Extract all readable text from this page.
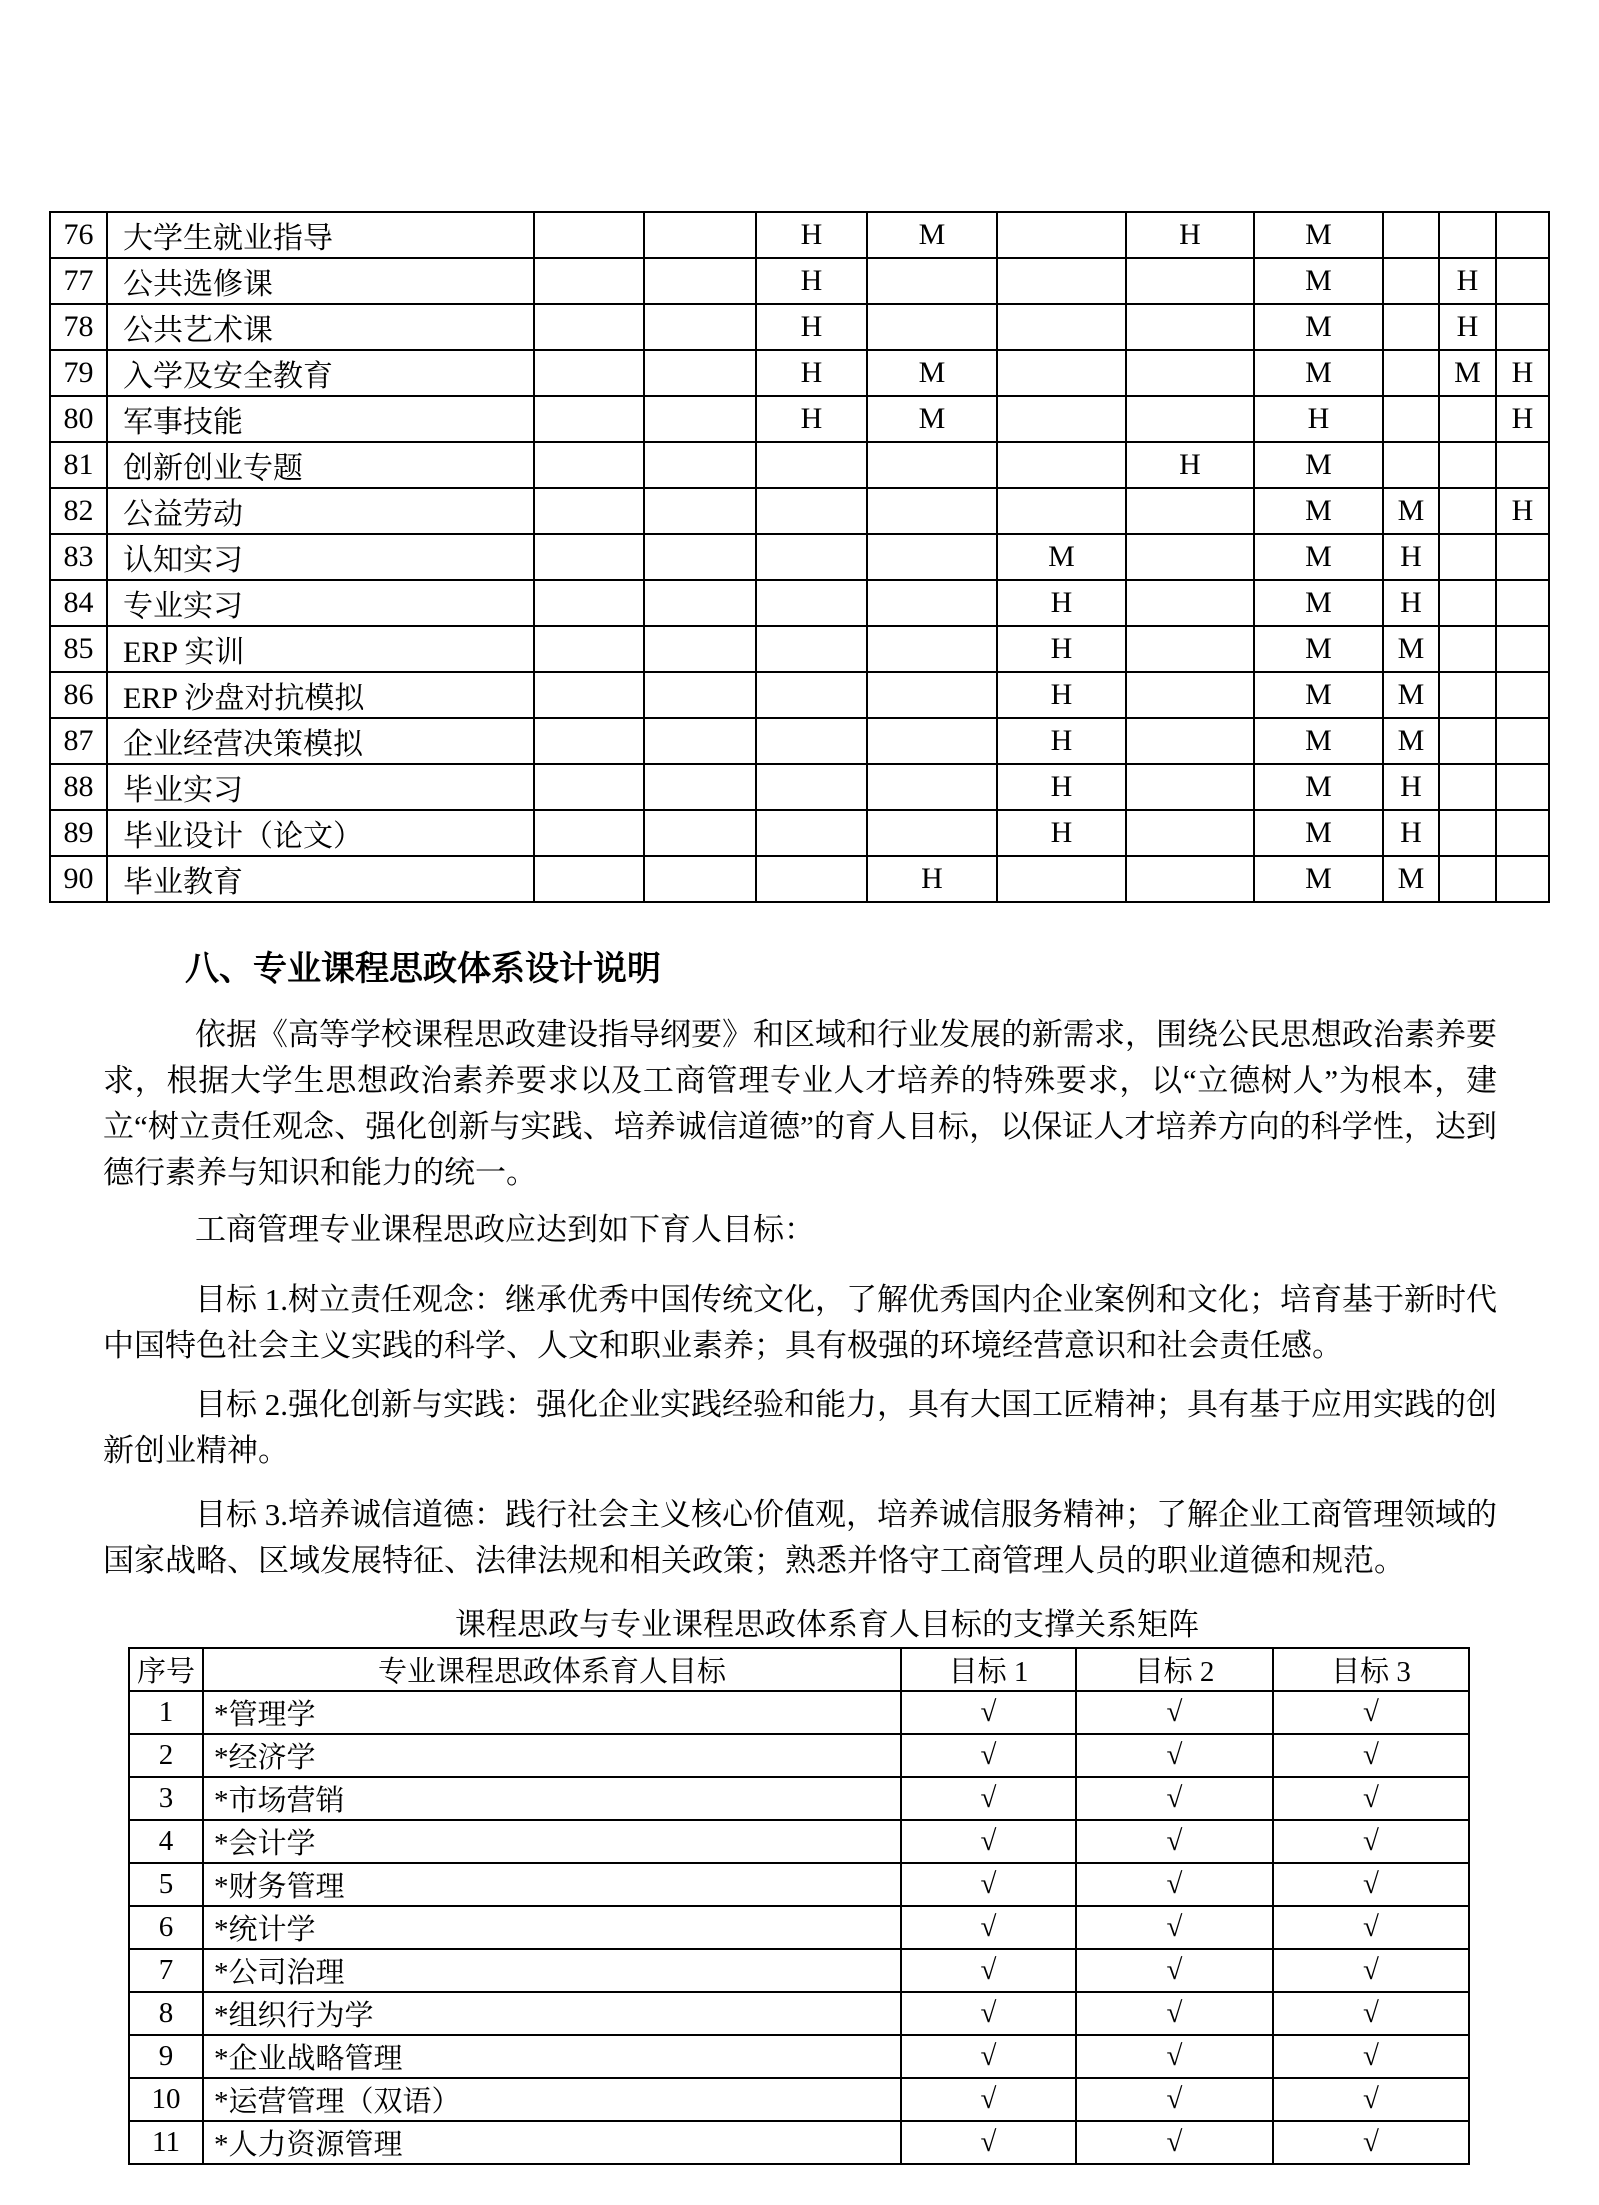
76	大学生就业指导			H	M		H	M			
77	公共选修课			H				M		H	
78	公共艺术课			H				M		H	
79	入学及安全教育			H	M			M		M	H
80	军事技能			H	M			H			H
81	创新创业专题						H	M			
82	公益劳动							M	M		H
83	认知实习					M		M	H		
84	专业实习					H		M	H		
85	ERP 实训					H		M	M		
86	ERP 沙盘对抗模拟					H		M	M		
87	企业经营决策模拟					H		M	M		
88	毕业实习					H		M	H		
89	毕业设计（论文）					H		M	H		
90	毕业教育				H			M	M		
八、专业课程思政体系设计说明

依据《高等学校课程思政建设指导纲要》和区域和行业发展的新需求，围绕公民思想政治素养要求，根据大学生思想政治素养要求以及工商管理专业人才培养的特殊要求，以“立德树人”为根本，建立“树立责任观念、强化创新与实践、培养诚信道德”的育人目标，以保证人才培养方向的科学性，达到德行素养与知识和能力的统一。

工商管理专业课程思政应达到如下育人目标：

目标 1.树立责任观念：继承优秀中国传统文化，了解优秀国内企业案例和文化；培育基于新时代中国特色社会主义实践的科学、人文和职业素养；具有极强的环境经营意识和社会责任感。

目标 2.强化创新与实践：强化企业实践经验和能力，具有大国工匠精神；具有基于应用实践的创新创业精神。

目标 3.培养诚信道德：践行社会主义核心价值观，培养诚信服务精神；了解企业工商管理领域的国家战略、区域发展特征、法律法规和相关政策；熟悉并恪守工商管理人员的职业道德和规范。

课程思政与专业课程思政体系育人目标的支撑关系矩阵
序号	专业课程思政体系育人目标	目标 1	目标 2	目标 3
1	*管理学	√	√	√
2	*经济学	√	√	√
3	*市场营销	√	√	√
4	*会计学	√	√	√
5	*财务管理	√	√	√
6	*统计学	√	√	√
7	*公司治理	√	√	√
8	*组织行为学	√	√	√
9	*企业战略管理	√	√	√
10	*运营管理（双语）	√	√	√
11	*人力资源管理	√	√	√
